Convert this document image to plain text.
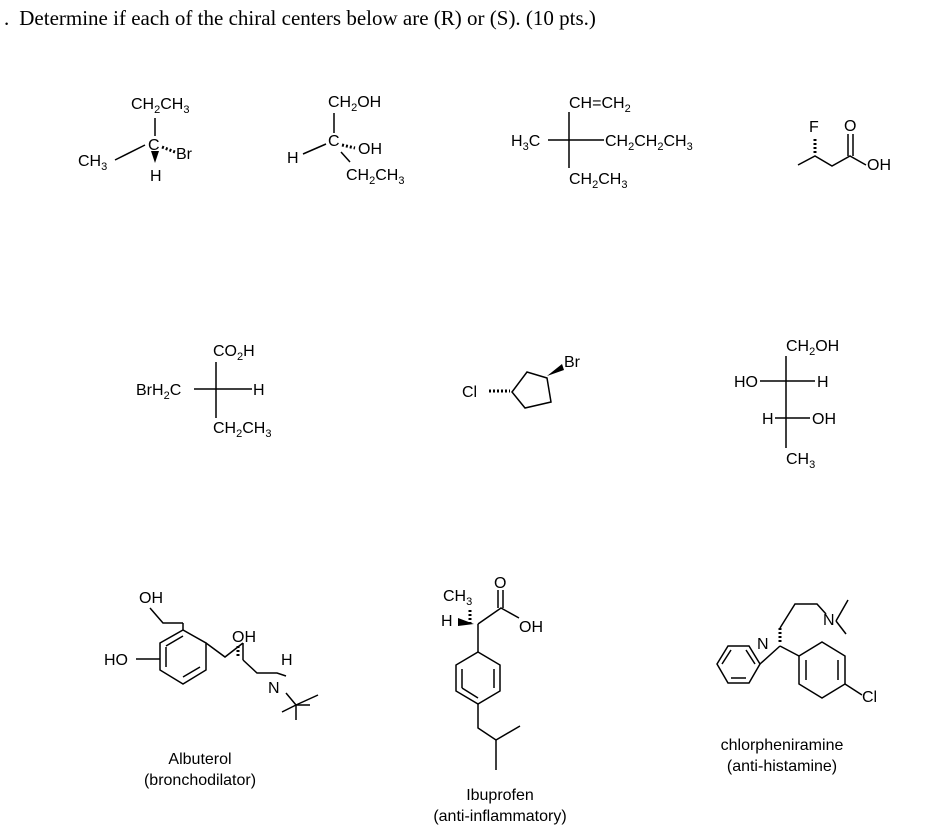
. Determine if each of the chiral centers below are (R) or (S). (10 pts.)
$CH_2CH_3$
$CH_3$
C
Br
H
$CH_2OH$
H
C OH
$CH_2CH_3$
$CH=CH_2$
$H_3C$	$CH_2CH_2CH_3$
$CH_2CH_3$
F O
OH
$CO_2H$
BrH$_2$C	H
$CH_2CH_3$
Cl
Br
$CH_2OH$
HO	H
H OH
$CH_3$
OH
HO
OH
N
H
Albuterol
(bronchodilator)
$CH_3$
H
O
OH
Ibuprofen
(anti-inflammatory)
N
N
Cl
chlorpheniramine
(anti-histamine)
